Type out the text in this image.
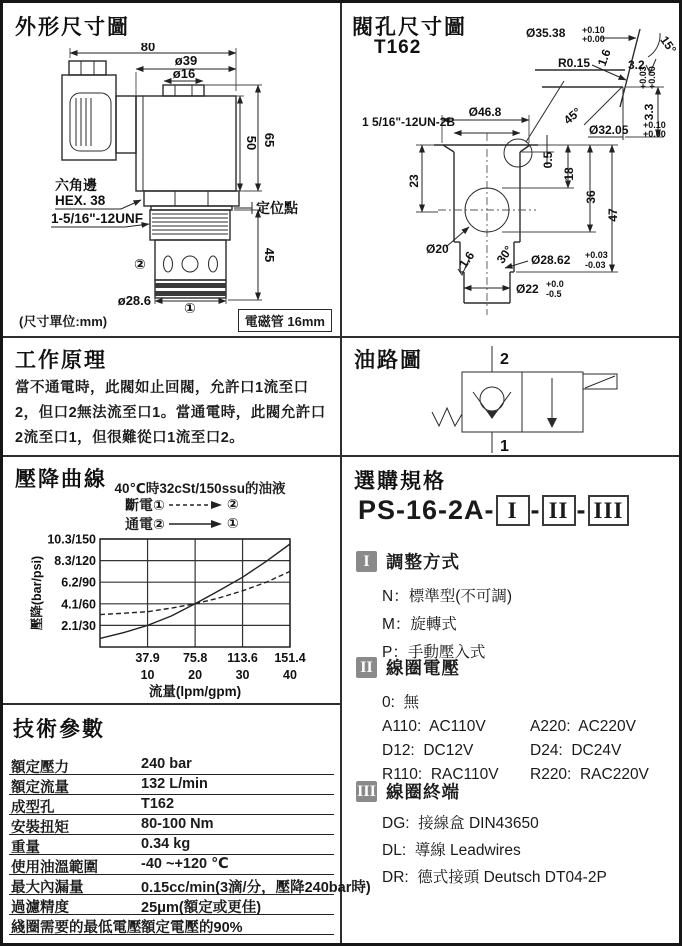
外形尺寸圖
80
ø39
ø16
50 65
45
ø28.6
定位點
六角邊
HEX. 38
1-5/16"-12UNF
②
①
(尺寸單位:mm)	電磁管 16mm
閥孔尺寸圖
T162
Ø35.38 +0.10
+0.00	15°
R0.15 1.6 3.2
45°	3.3
+0.03 +0.00
Ø32.05 +0.10
+0.00
Ø46.8
1 5/16"-12UN-2B
23
Ø20
0.5
18
36
47
30°
1.6	Ø28.62 +0.03
-0.03
Ø22 +0.0
-0.5
工作原理
當不通電時，此閥如止回閥，允許口1流至口2，但口2無法流至口1。當通電時，此閥允許口2流至口1，但很難從口1流至口2。
油路圖	2
1
壓降曲線 40℃時32cSt/150ssu的油液
斷電①	②
通電②	①
壓降(bar/psi)
流量(lpm/gpm)
2.1/30
4.1/60
6.2/90
8.3/120
10.3/150
37.9
10
75.8
20
113.6
30
151.4
40
技術參數
額定壓力	240 bar
額定流量	132 L/min
成型孔	T162
安裝扭矩	80-100 Nm
重量	0.34 kg
使用油溫範圍	-40 ~+120 ℃
最大內漏量	0.15cc/min(3滴/分，壓降240bar時)
過濾精度	25μm(額定或更佳)
綫圈需要的最低電壓 額定電壓的90%
選購規格
PS-16-2A- I - II - III
I 調整方式
N：標準型(不可調)
M：旋轉式
P：手動壓入式
II 線圈電壓
0:  無
A110:  AC110V	A220:  AC220V
D12:  DC12V	D24:  DC24V
R110:  RAC110V	R220:  RAC220V
III 線圈終端
DG:  接線盒 DIN43650
DL:  導線 Leadwires
DR:  德式接頭 Deutsch DT04-2P
